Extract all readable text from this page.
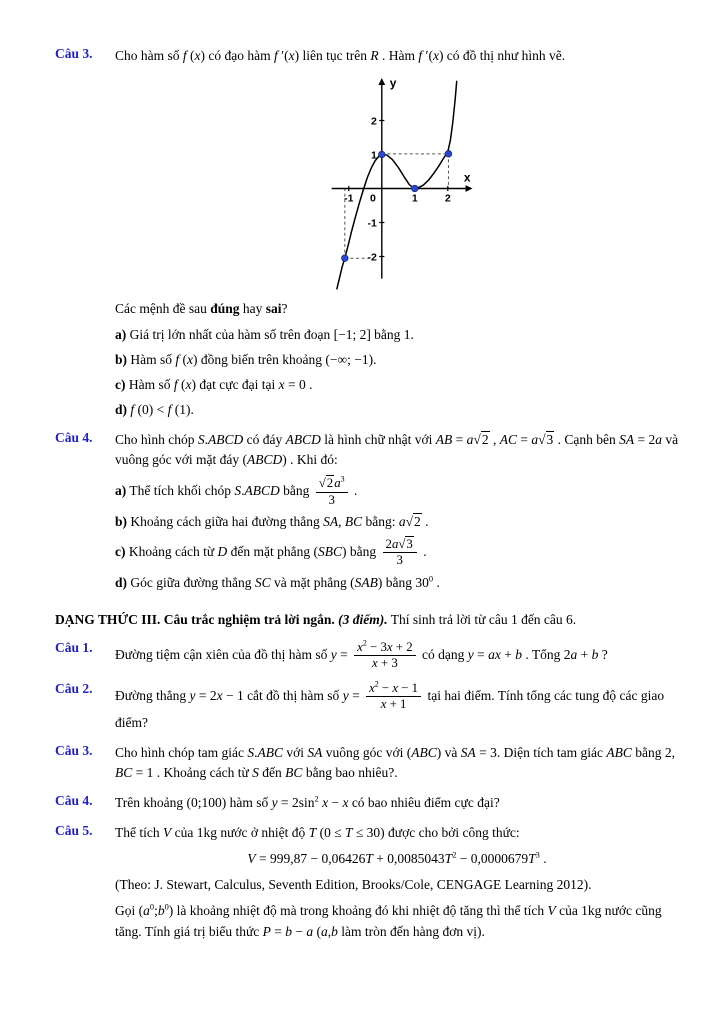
Câu 3. Cho hàm số f (x) có đạo hàm f ′(x) liên tục trên R . Hàm f ′(x) có đồ thị như hình vẽ.

y
x
-1	1	2
2
1
-1
-2
0

Các mệnh đề sau đúng hay sai?

a) Giá trị lớn nhất của hàm số trên đoạn [−1; 2] bằng 1.

b) Hàm số f (x) đồng biến trên khoảng (−∞; −1).

c) Hàm số f (x) đạt cực đại tại x = 0 .

d) f (0) < f (1).

Câu 4. Cho hình chóp S.ABCD có đáy ABCD là hình chữ nhật với AB = a√2 , AC = a√3 . Cạnh bên SA = 2a và vuông góc với mặt đáy (ABCD) . Khi đó:

a) Thể tích khối chóp S.ABCD bằng $\frac{√2a^3}{3}$ .

b) Khoảng cách giữa hai đường thẳng SA, BC bằng: a√2 .

c) Khoảng cách từ D đến mặt phẳng (SBC) bằng $\frac{2a√3}{3}$ .

d) Góc giữa đường thẳng SC và mặt phẳng (SAB) bằng $30^0$ .

DẠNG THỨC III. Câu trắc nghiệm trả lời ngắn. (3 điểm). Thí sinh trả lời từ câu 1 đến câu 6.

Câu 1. Đường tiệm cận xiên của đồ thị hàm số $y = \frac{x^2 - 3x + 2}{x + 3}$ có dạng y = ax + b . Tổng 2a + b ?

Câu 2. Đường thẳng y = 2x − 1 cắt đồ thị hàm số $y = \frac{x^2 - x - 1}{x + 1}$ tại hai điểm. Tính tổng các tung độ các giao điểm?

Câu 3. Cho hình chóp tam giác S.ABC với SA vuông góc với (ABC) và SA = 3. Diện tích tam giác ABC bằng 2, BC = 1 . Khoảng cách từ S đến BC bằng bao nhiêu?.

Câu 4. Trên khoảng (0;100) hàm số $y = 2\sin^2$ x − x có bao nhiêu điểm cực đại?

Câu 5. Thể tích V của 1kg nước ở nhiệt độ T (0 ≤ T ≤ 30) được cho bởi công thức:

$V = 999,87 - 0,06426T + 0,0085043T^2 - 0,0000679T^3$ .

(Theo: J. Stewart, Calculus, Seventh Edition, Brooks/Cole, CENGAGE Learning 2012).

Gọi $(a^0;b^0)$ là khoảng nhiệt độ mà trong khoảng đó khi nhiệt độ tăng thì thể tích V của 1kg nước cũng tăng. Tính giá trị biểu thức P = b − a (a,b làm tròn đến hàng đơn vị).
